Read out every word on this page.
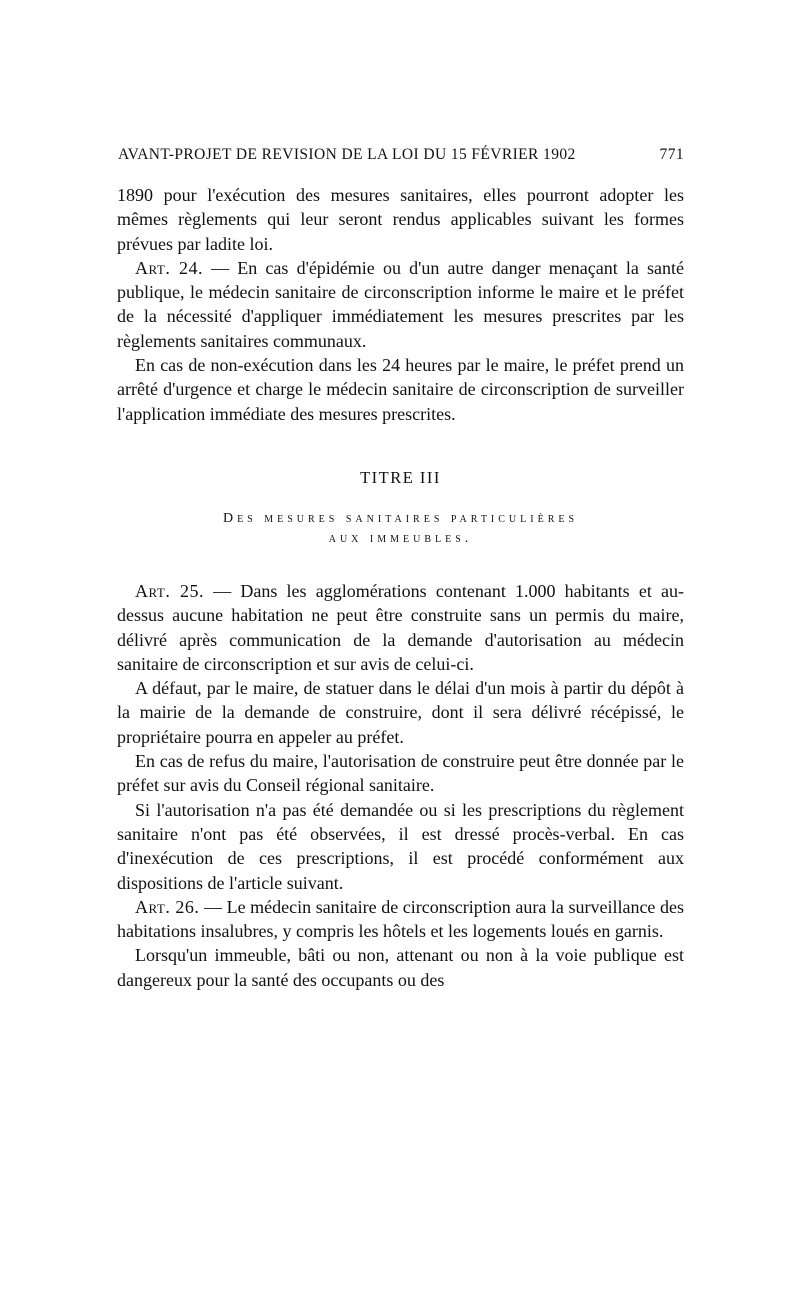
AVANT-PROJET DE REVISION DE LA LOI DU 15 FÉVRIER 1902	771

1890 pour l'exécution des mesures sanitaires, elles pourront adopter les mêmes règlements qui leur seront rendus applicables suivant les formes prévues par ladite loi.

Art. 24. — En cas d'épidémie ou d'un autre danger menaçant la santé publique, le médecin sanitaire de circonscription informe le maire et le préfet de la nécessité d'appliquer immédiatement les mesures prescrites par les règlements sanitaires communaux.

En cas de non-exécution dans les 24 heures par le maire, le préfet prend un arrêté d'urgence et charge le médecin sanitaire de circonscription de surveiller l'application immédiate des mesures prescrites.

TITRE III
Des mesures sanitaires particulières
aux immeubles.

Art. 25. — Dans les agglomérations contenant 1.000 habitants et au-dessus aucune habitation ne peut être construite sans un permis du maire, délivré après communication de la demande d'autorisation au médecin sanitaire de circonscription et sur avis de celui-ci.

A défaut, par le maire, de statuer dans le délai d'un mois à partir du dépôt à la mairie de la demande de construire, dont il sera délivré récépissé, le propriétaire pourra en appeler au préfet.

En cas de refus du maire, l'autorisation de construire peut être donnée par le préfet sur avis du Conseil régional sanitaire.

Si l'autorisation n'a pas été demandée ou si les prescriptions du règlement sanitaire n'ont pas été observées, il est dressé procès-verbal. En cas d'inexécution de ces prescriptions, il est procédé conformément aux dispositions de l'article suivant.

Art. 26. — Le médecin sanitaire de circonscription aura la surveillance des habitations insalubres, y compris les hôtels et les logements loués en garnis.

Lorsqu'un immeuble, bâti ou non, attenant ou non à la voie publique est dangereux pour la santé des occupants ou des
